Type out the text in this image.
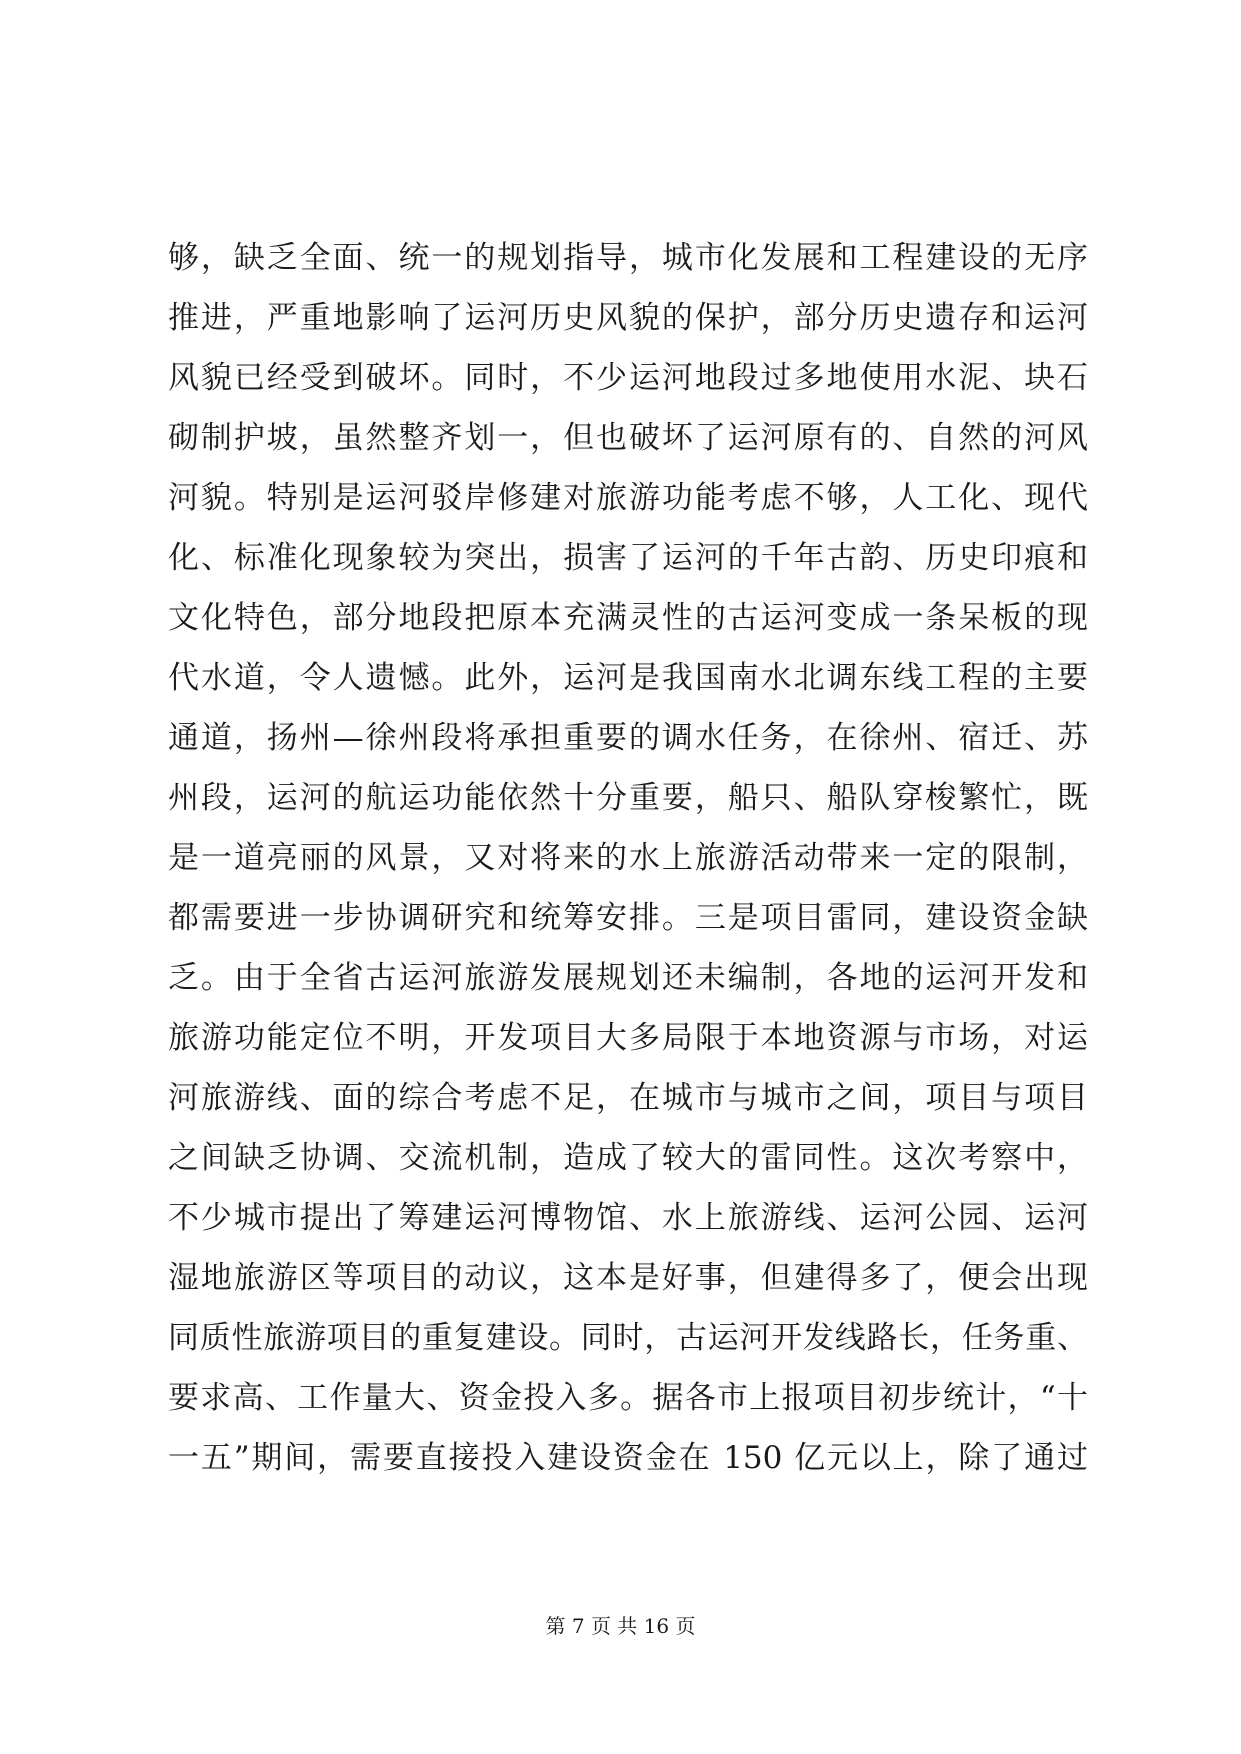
够，缺乏全面、统一的规划指导，城市化发展和工程建设的无序
推进，严重地影响了运河历史风貌的保护，部分历史遗存和运河
风貌已经受到破坏。同时，不少运河地段过多地使用水泥、块石
砌制护坡，虽然整齐划一，但也破坏了运河原有的、自然的河风
河貌。特别是运河驳岸修建对旅游功能考虑不够，人工化、现代
化、标准化现象较为突出，损害了运河的千年古韵、历史印痕和
文化特色，部分地段把原本充满灵性的古运河变成一条呆板的现
代水道，令人遗憾。此外，运河是我国南水北调东线工程的主要
通道，扬州—徐州段将承担重要的调水任务，在徐州、宿迁、苏
州段，运河的航运功能依然十分重要，船只、船队穿梭繁忙，既
是一道亮丽的风景，又对将来的水上旅游活动带来一定的限制，
都需要进一步协调研究和统筹安排。三是项目雷同，建设资金缺
乏。由于全省古运河旅游发展规划还未编制，各地的运河开发和
旅游功能定位不明，开发项目大多局限于本地资源与市场，对运
河旅游线、面的综合考虑不足，在城市与城市之间，项目与项目
之间缺乏协调、交流机制，造成了较大的雷同性。这次考察中，
不少城市提出了筹建运河博物馆、水上旅游线、运河公园、运河
湿地旅游区等项目的动议，这本是好事，但建得多了，便会出现
同质性旅游项目的重复建设。同时，古运河开发线路长，任务重、
要求高、工作量大、资金投入多。据各市上报项目初步统计，“十
一五”期间，需要直接投入建设资金在 150 亿元以上，除了通过
第 7 页 共 16 页
